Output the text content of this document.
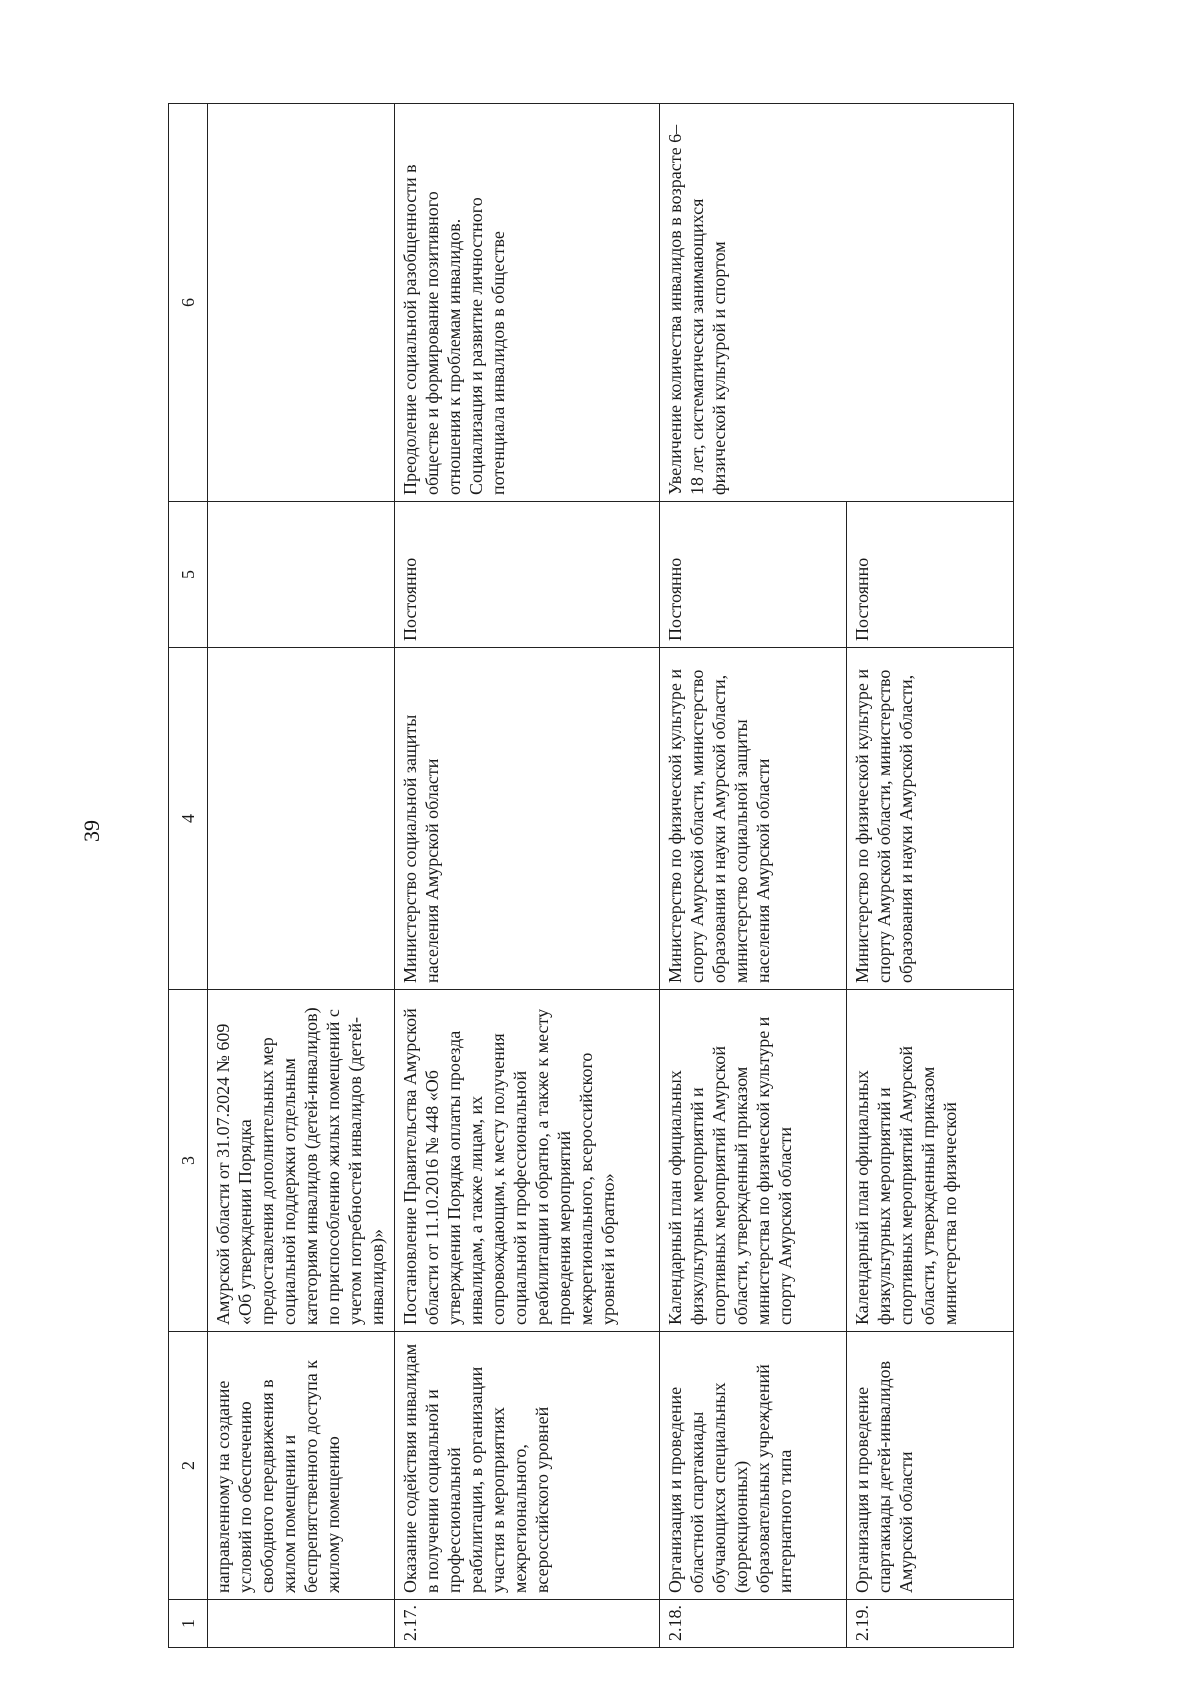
39
1	2	3	4	5	6
	направленному на создание условий по обеспечению свободного передвижения в жилом помещении и беспрепятственного доступа к жилому помещению	Амурской области от 31.07.2024 № 609 «Об утверждении Порядка предоставления дополнительных мер социальной поддержки отдельным категориям инвалидов (детей-инвалидов) по приспособлению жилых помещений с учетом потребностей инвалидов (детей-инвалидов)»			
2.17.	Оказание содействия инвалидам в получении социальной и профессиональной реабилитации, в организации участия в мероприятиях межрегионального, всероссийского уровней	Постановление Правительства Амурской области от 11.10.2016 № 448 «Об утверждении Порядка оплаты проезда инвалидам, а также лицам, их сопровождающим, к месту получения социальной и профессиональной реабилитации и обратно, а также к месту проведения мероприятий межрегионального, всероссийского уровней и обратно»	Министерство социальной защиты населения Амурской области	Постоянно	Преодоление социальной разобщенности в обществе и формирование позитивного отношения к проблемам инвалидов. Социализация и развитие личностного потенциала инвалидов в обществе
2.18.	Организация и проведение областной спартакиады обучающихся специальных (коррекционных) образовательных учреждений интернатного типа	Календарный план официальных физкультурных мероприятий и спортивных мероприятий Амурской области, утвержденный приказом министерства по физической культуре и спорту Амурской области	Министерство по физической культуре и спорту Амурской области, министерство образования и науки Амурской области, министерство социальной защиты населения Амурской области	Постоянно	Увеличение количества инвалидов в возрасте 6–18 лет, систематически занимающихся физической культурой и спортом
2.19.	Организация и проведение спартакиады детей-инвалидов Амурской области	Календарный план официальных физкультурных мероприятий и спортивных мероприятий Амурской области, утвержденный приказом министерства по физической	Министерство по физической культуре и спорту Амурской области, министерство образования и науки Амурской области,	Постоянно	
